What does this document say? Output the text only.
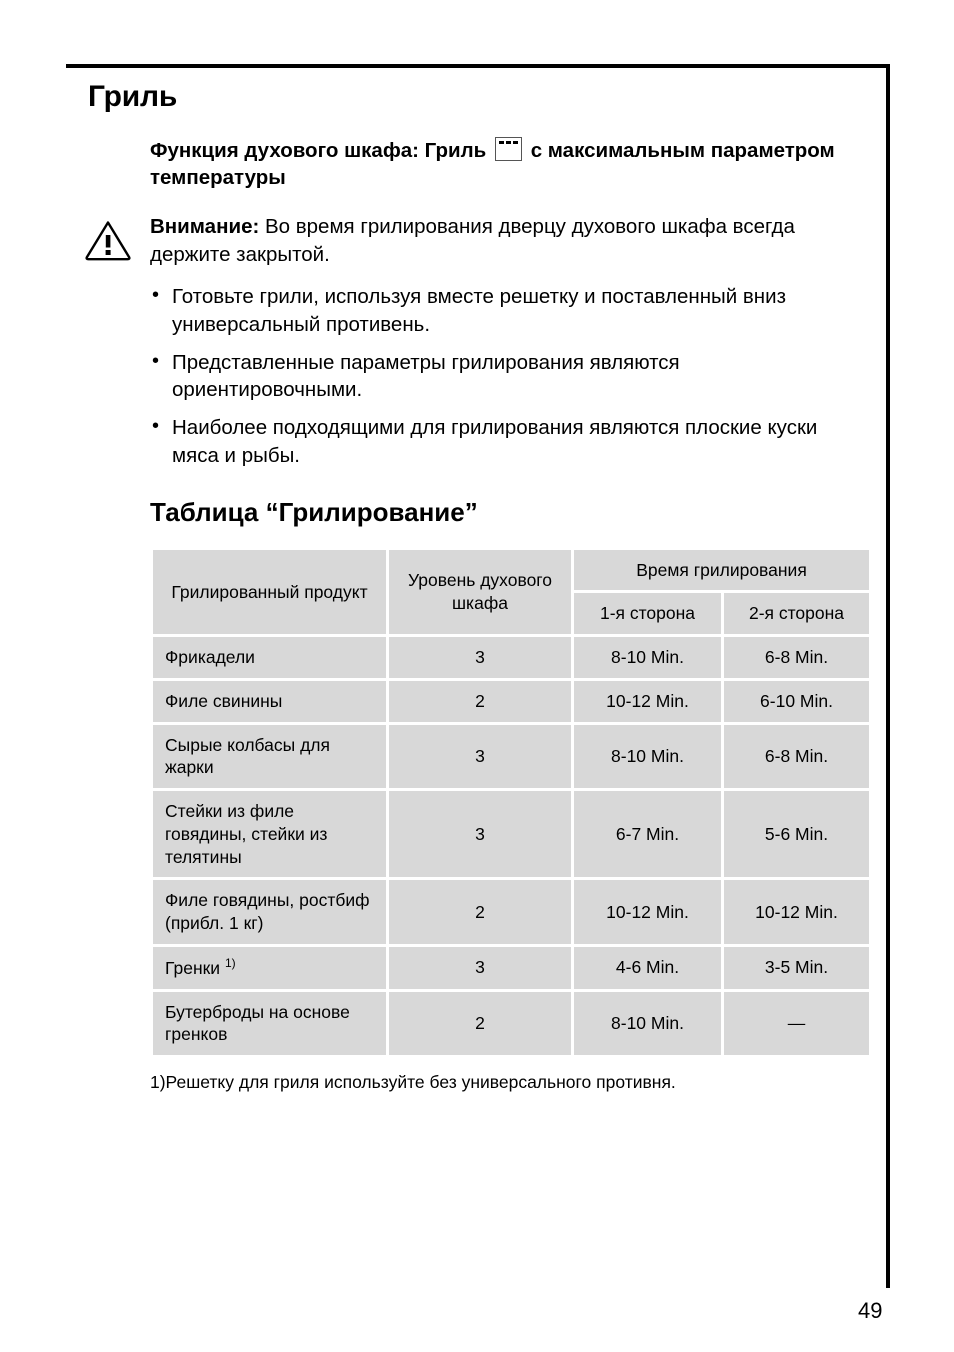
Гриль

Функция духового шкафа: Гриль с максимальным параметром температуры

Внимание: Во время грилирования дверцу духового шкафа всегда держите закрытой.

• Готовьте грили, используя вместе решетку и поставленный вниз универсальный противень.
• Представленные параметры грилирования являются ориентировочными.
• Наиболее подходящими для грилирования являются плоские куски мяса и рыбы.
Таблица “Грилирование”
Грилированный продукт	Уровень духового шкафа	Время грилирования	
		1-я сторона	2-я сторона
Фрикадели	3	8-10 Min.	6-8 Min.
Филе свинины	2	10-12 Min.	6-10 Min.
Сырые колбасы для жарки	3	8-10 Min.	6-8 Min.
Стейки из филе говядины, стейки из телятины	3	6-7 Min.	5-6 Min.
Филе говядины, ростбиф (прибл. 1 кг)	2	10-12 Min.	10-12 Min.
Гренки $^{1)}$	3	4-6 Min.	3-5 Min.
Бутерброды на основе гренков	2	8-10 Min.	—

1)Решетку для гриля используйте без универсального противня.

49
